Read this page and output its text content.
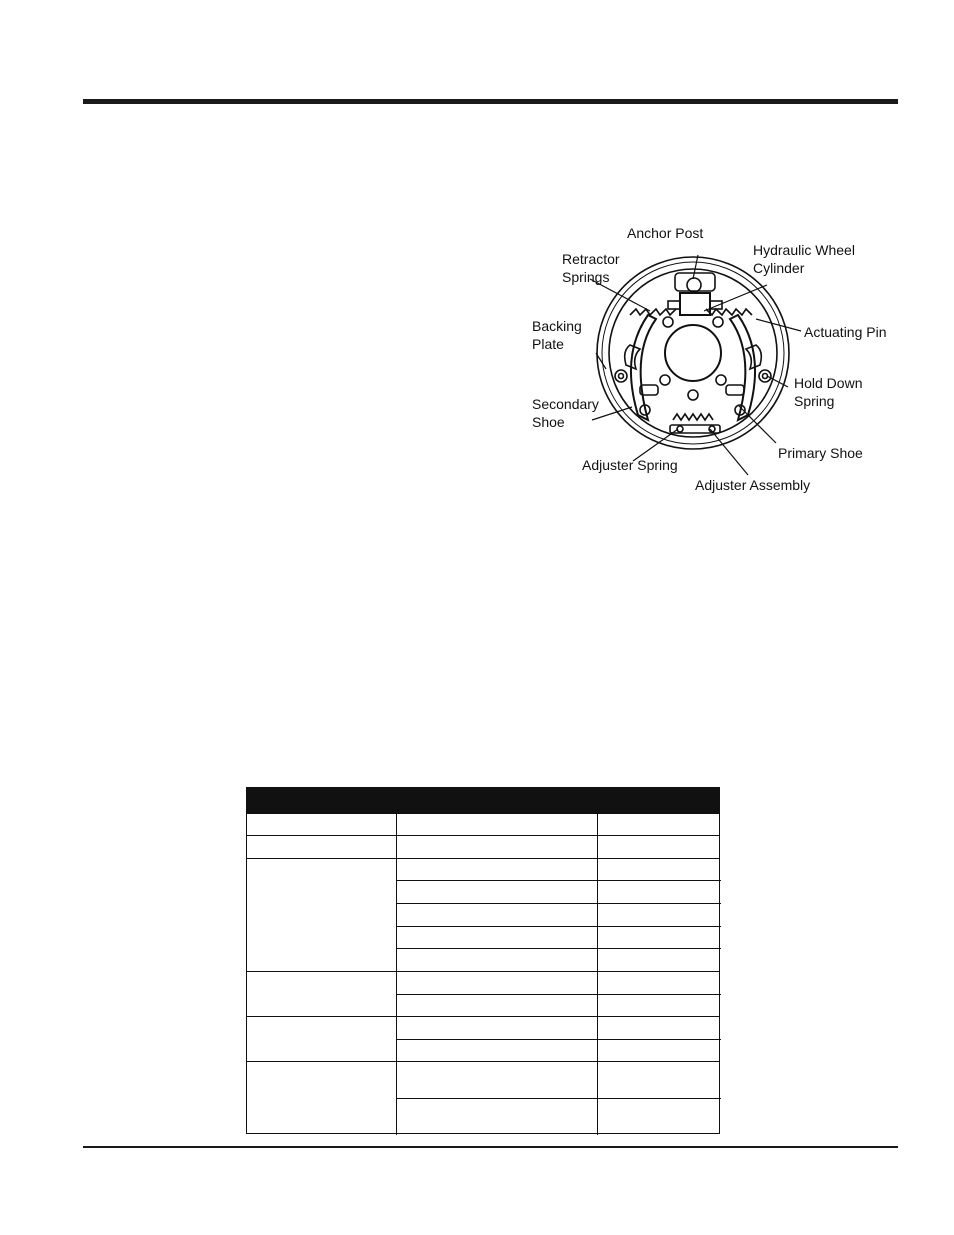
Anchor Post
Hydraulic Wheel
Cylinder
Retractor
Springs
Actuating Pin
Backing
Plate
Hold Down
Spring
Secondary
Shoe
Primary Shoe
Adjuster Spring
Adjuster Assembly
